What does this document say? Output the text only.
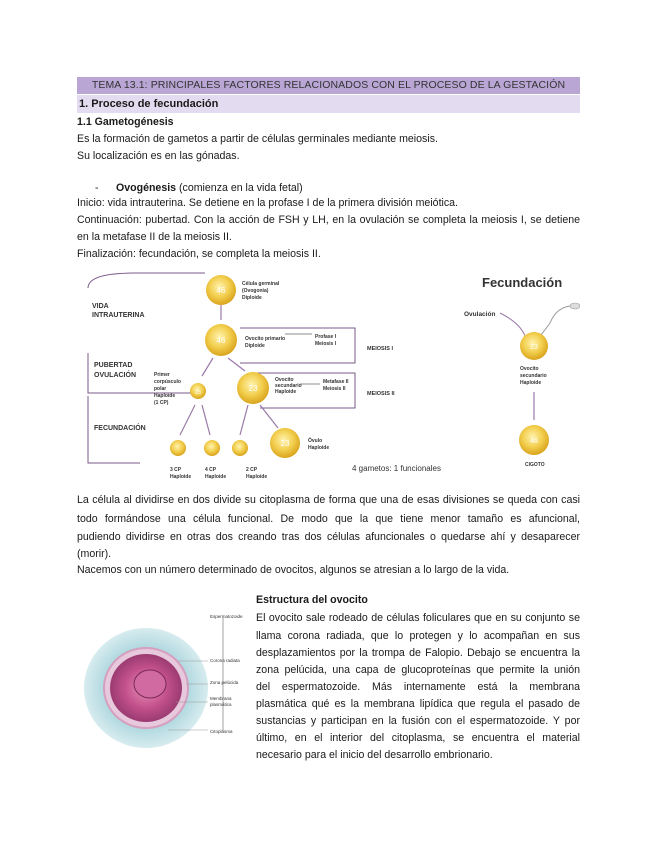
TEMA 13.1: PRINCIPALES FACTORES RELACIONADOS CON EL PROCESO DE LA GESTACIÓN
1. Proceso de fecundación
1.1 Gametogénesis
Es la formación de gametos a partir de células germinales mediante meiosis.
Su localización es en las gónadas.
- Ovogénesis (comienza en la vida fetal)
Inicio: vida intrauterina. Se detiene en la profase I de la primera división meiótica.
Continuación: pubertad. Con la acción de FSH y LH, en la ovulación se completa la meiosis I, se detiene
en la metafase II de la meiosis II.
Finalización: fecundación, se completa la meiosis II.
VIDA
INTRAUTERINA
PUBERTAD
OVULACIÓN
FECUNDACIÓN
MEIOSIS I
MEIOSIS II
46
46
23	23
23
Célula germinal
(Ovogonia)
Diploide
Ovocito primario
Diploide
Profase I
Meiosis I
Ovocito
secundario
Haploide
Metafase II
Meiosis II
Primer
corpúsculo
polar
Haploide
(1 CP)
Óvulo
Haploide
3 CP
Haploide
4 CP
Haploide
2 CP
Haploide
4 gametos: 1 funcionales
Fecundación
Ovulación
23
Ovocito
secundario
Haploide
46
CIGOTO
La célula al dividirse en dos divide su citoplasma de forma que una de esas divisiones se queda con casi
todo formándose una célula funcional. De modo que la que tiene menor tamaño es afuncional,
pudiendo dividirse en otras dos creando tras dos células afuncionales o quedarse ahí y desaparecer
(morir).
Nacemos con un número determinado de ovocitos, algunos se atresian a lo largo de la vida.
Espermatozoide
Corona radiata
Zona pelúcida
Membrana
plasmática
Citoplasma
Estructura del ovocito
El ovocito sale rodeado de células foliculares que en su conjunto se
llama corona radiada, que lo protegen y lo acompañan en sus
desplazamientos por la trompa de Falopio. Debajo se encuentra la
zona pelúcida, una capa de glucoproteínas que permite la unión
del espermatozoide. Más internamente está la membrana
plasmática qué es la membrana lipídica que regula el pasado de
sustancias y participan en la fusión con el espermatozoide. Y por
último, en el interior del citoplasma, se encuentra el material
necesario para el inicio del desarrollo embrionario.
